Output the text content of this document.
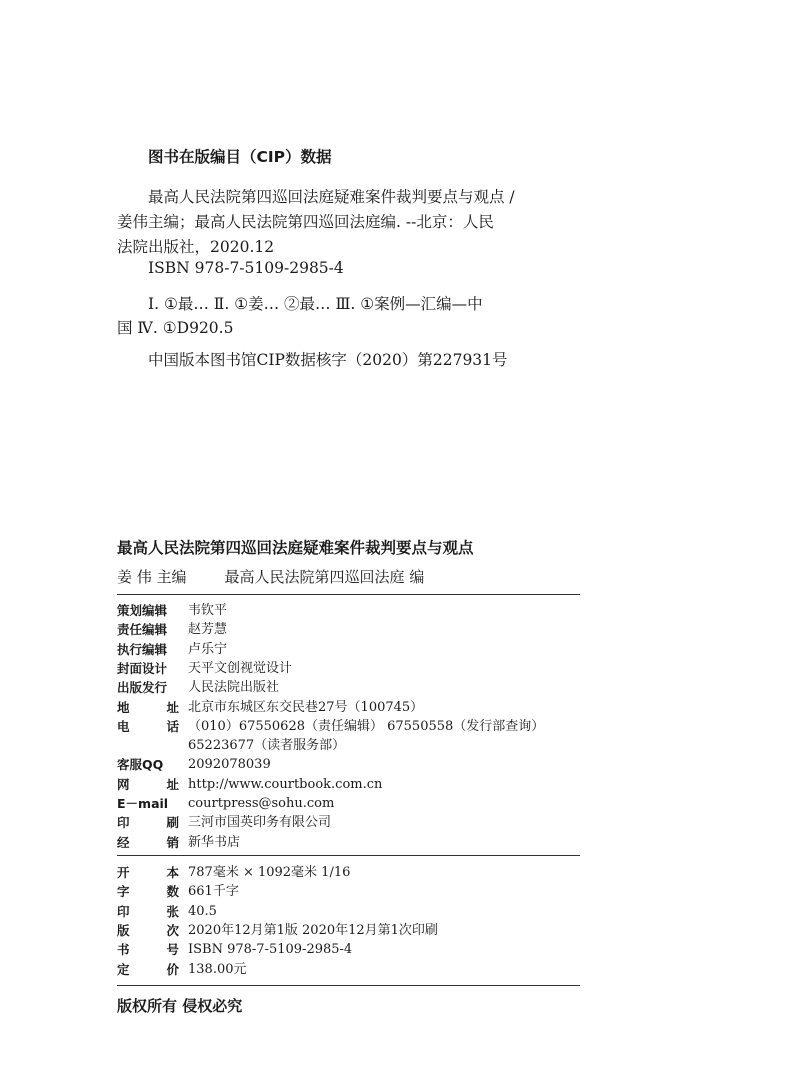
图书在版编目（CIP）数据
最高人民法院第四巡回法庭疑难案件裁判要点与观点 /
姜伟主编；最高人民法院第四巡回法庭编. --北京：人民
法院出版社，2020.12
ISBN 978-7-5109-2985-4
Ⅰ. ①最… Ⅱ. ①姜… ②最… Ⅲ. ①案例—汇编—中
国 Ⅳ. ①D920.5
中国版本图书馆CIP数据核字（2020）第227931号
最高人民法院第四巡回法庭疑难案件裁判要点与观点
姜 伟 主编	最高人民法院第四巡回法庭 编
策划编辑	韦钦平
责任编辑	赵芳慧
执行编辑	卢乐宁
封面设计	天平文创视觉设计
出版发行	人民法院出版社
地	址 北京市东城区东交民巷27号（100745）
电	话 （010）67550628（责任编辑） 67550558（发行部查询）
65223677（读者服务部）
客服QQ	2092078039
网	址 http://www.courtbook.com.cn
E－mail	courtpress@sohu.com
印	刷 三河市国英印务有限公司
经	销 新华书店
开	本 787毫米 × 1092毫米 1/16
字	数 661千字
印	张 40.5
版	次 2020年12月第1版 2020年12月第1次印刷
书	号 ISBN 978-7-5109-2985-4
定	价 138.00元
版权所有 侵权必究
